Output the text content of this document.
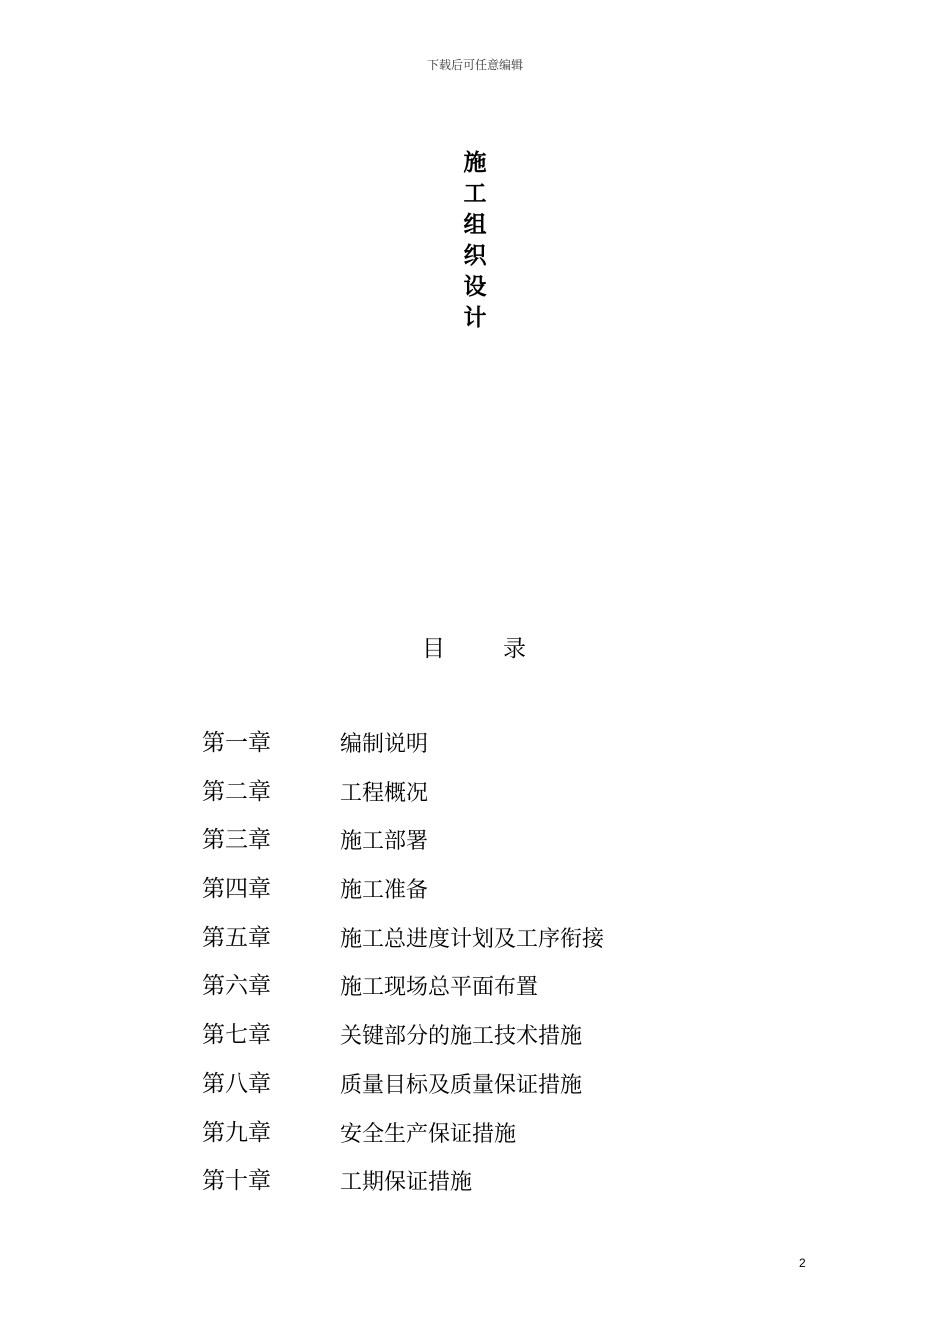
下载后可任意编辑
施工组织设计
目	录
第一章	编制说明
第二章	工程概况
第三章	施工部署
第四章	施工准备
第五章	施工总进度计划及工序衔接
第六章	施工现场总平面布置
第七章	关键部分的施工技术措施
第八章	质量目标及质量保证措施
第九章	安全生产保证措施
第十章	工期保证措施
2
